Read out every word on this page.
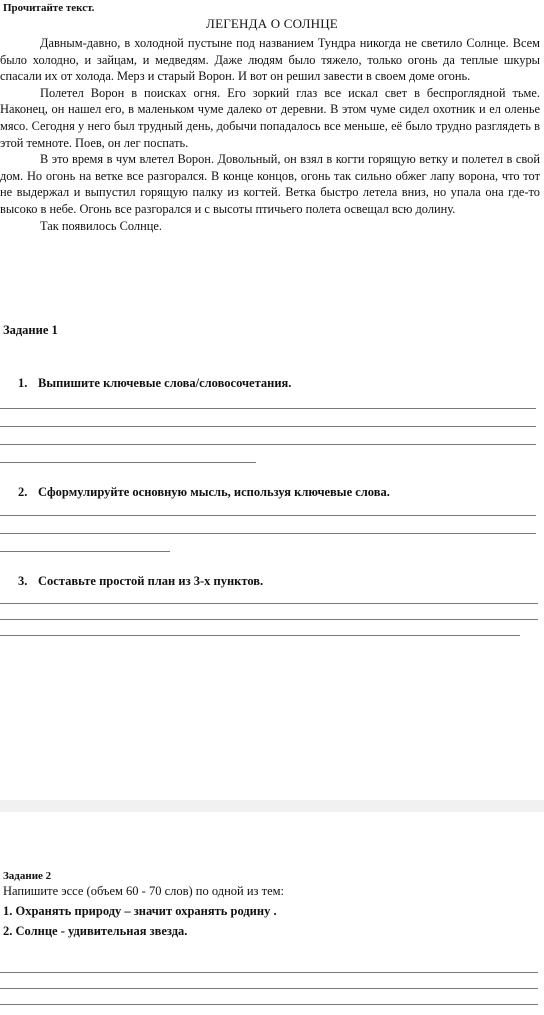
Прочитайте текст.
ЛЕГЕНДА О СОЛНЦЕ

Давным-давно, в холодной пустыне под названием Тундра никогда не светило Солнце. Всем было холодно, и зайцам, и медведям. Даже людям было тяжело, только огонь да теплые шкуры спасали их от холода. Мерз и старый Ворон. И вот он решил завести в своем доме огонь.

Полетел Ворон в поисках огня. Его зоркий глаз все искал свет в беспроглядной тьме. Наконец, он нашел его, в маленьком чуме далеко от деревни. В этом чуме сидел охотник и ел оленье мясо. Сегодня у него был трудный день, добычи попадалось все меньше, её было трудно разглядеть в этой темноте. Поев, он лег поспать.

В это время в чум влетел Ворон. Довольный, он взял в когти горящую ветку и полетел в свой дом. Но огонь на ветке все разгорался. В конце концов, огонь так сильно обжег лапу ворона, что тот не выдержал и выпустил горящую палку из когтей. Ветка быстро летела вниз, но упала она где-то высоко в небе. Огонь все разгорался и с высоты птичьего полета освещал всю долину.

Так появилось Солнце.

Задание 1
1. Выпишите ключевые слова/словосочетания.
2. Сформулируйте основную мысль, используя ключевые слова.
3. Составьте простой план из 3-х пунктов.
Задание 2
Напишите эссе (объем 60 - 70 слов) по одной из тем:
1. Охранять природу – значит охранять родину .
2. Солнце - удивительная звезда.
